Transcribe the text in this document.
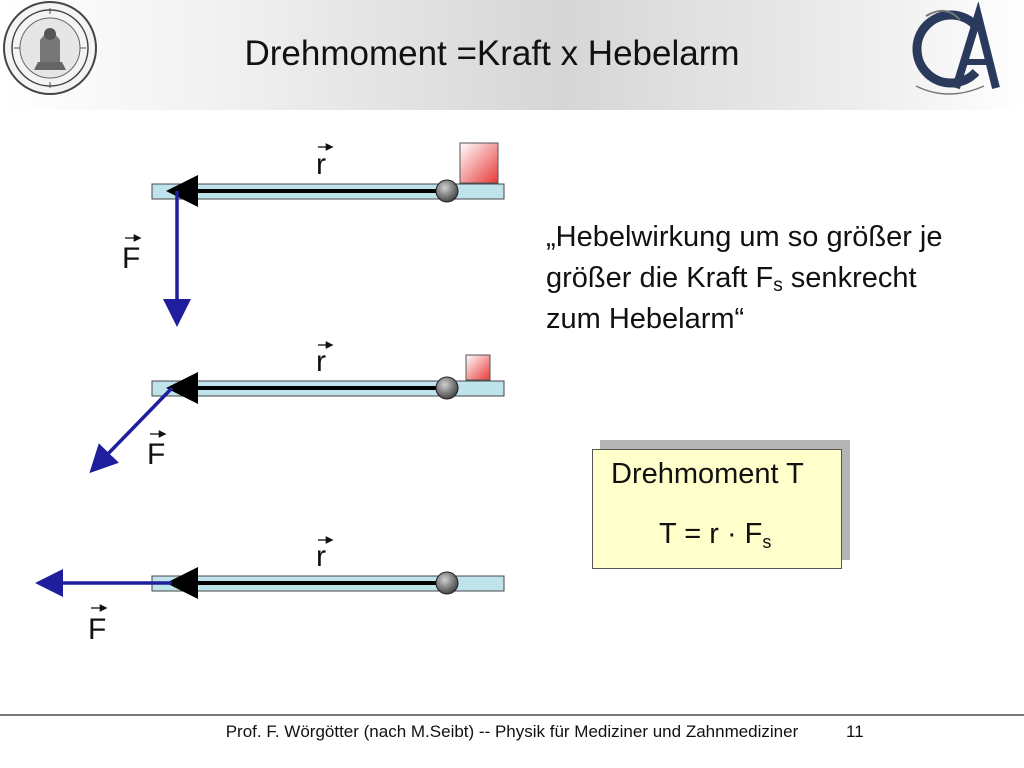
Drehmoment =Kraft x Hebelarm
r
F
r
F
r
F
„Hebelwirkung um so größer je größer die Kraft $F_s$ senkrecht zum Hebelarm“
Drehmoment T
$T = r \cdot F_s$
Prof. F. Wörgötter (nach M.Seibt) -- Physik für Mediziner und Zahnmediziner	11
